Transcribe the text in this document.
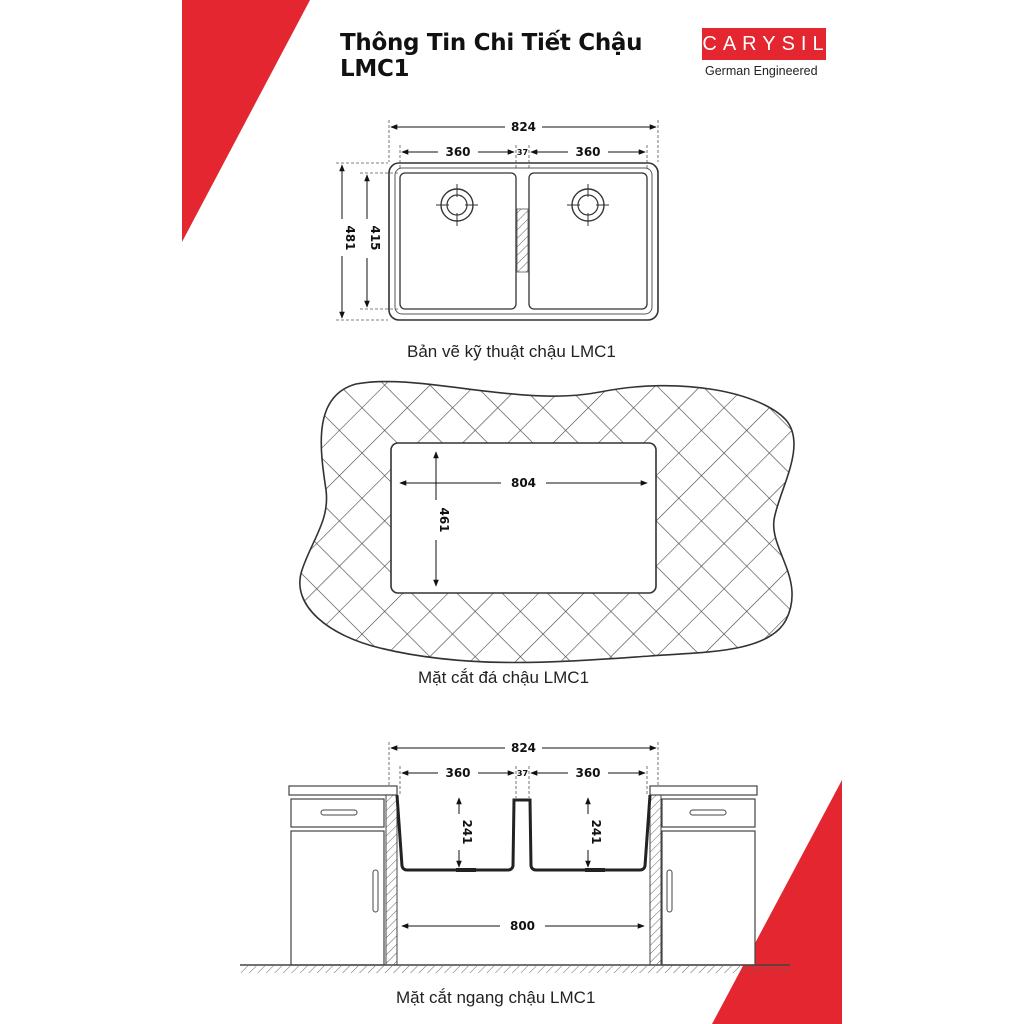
824
360	37	360
481 415
804
461
824
360	37	360
241	241
800
Thông Tin Chi Tiết Chậu LMC1
CARYSIL
German Engineered
Bản vẽ kỹ thuật chậu LMC1
Mặt cắt đá chậu LMC1
Mặt cắt ngang chậu LMC1
